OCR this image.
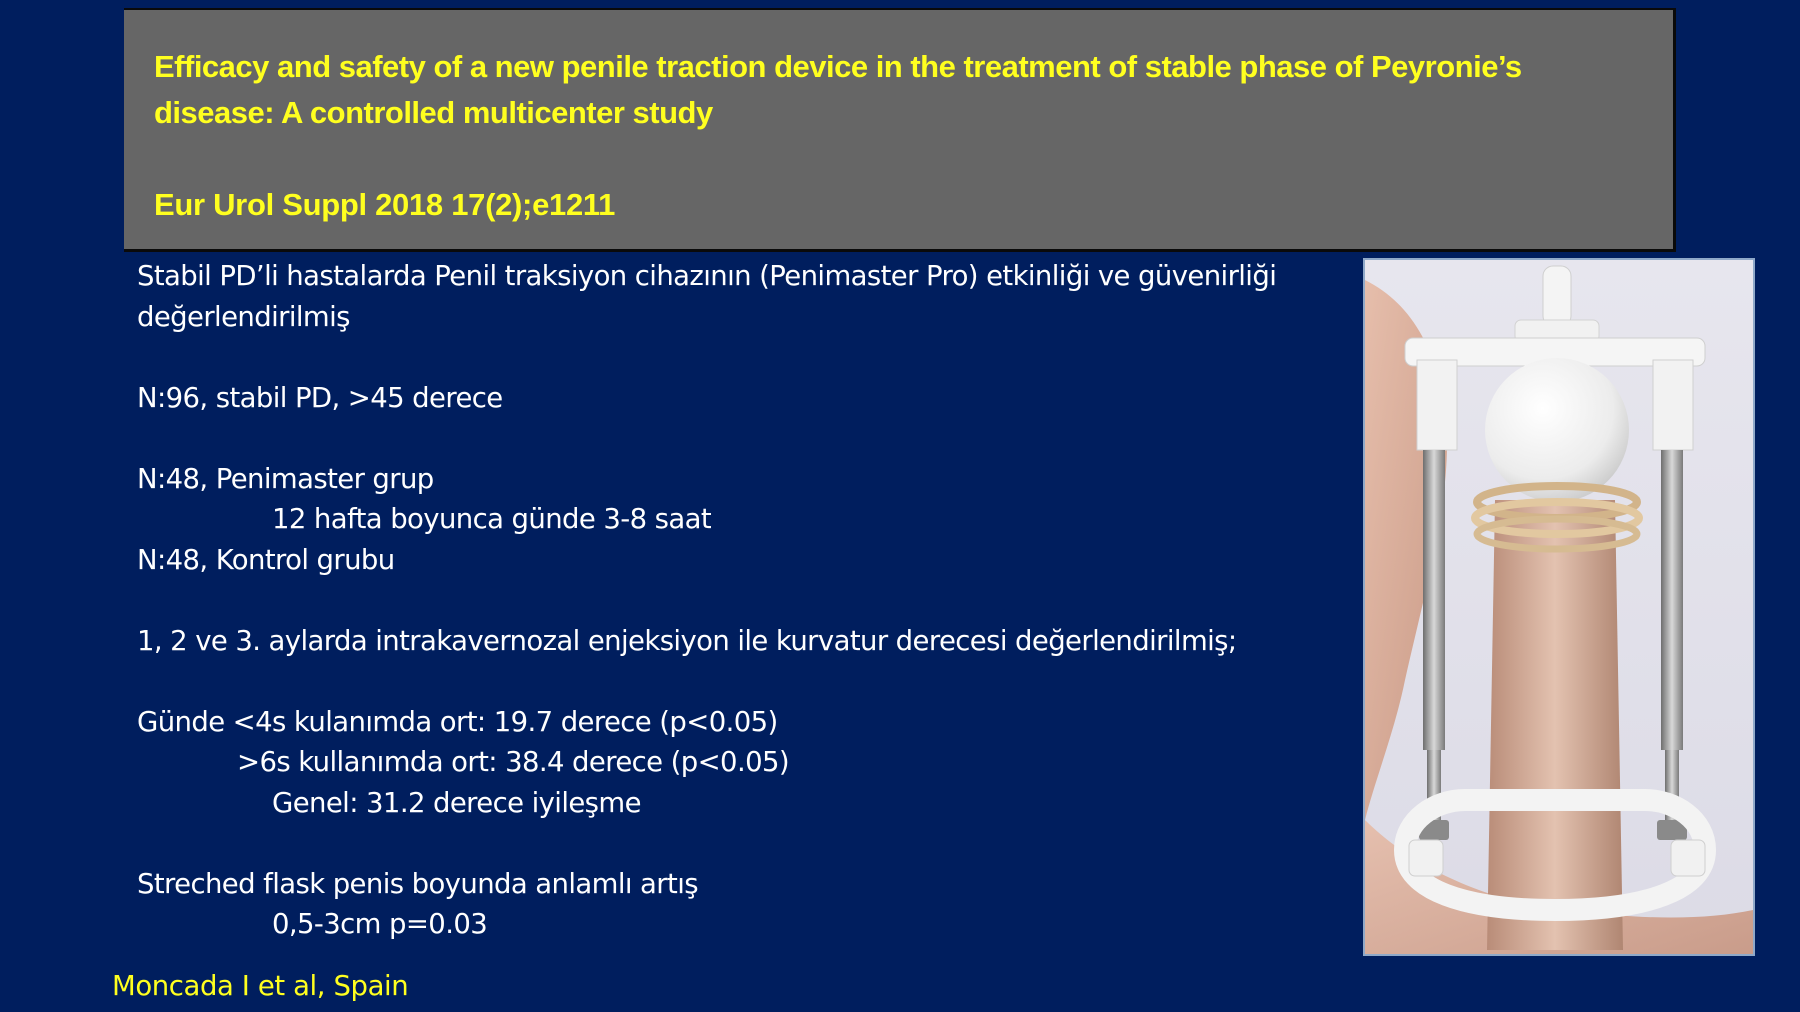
Efficacy and safety of a new penile traction device in the treatment of stable phase of Peyronie’s disease: A controlled multicenter study

Eur Urol Suppl 2018 17(2);e1211
Stabil PD’li hastalarda Penil traksiyon cihazının (Penimaster Pro) etkinliği ve güvenirliği
değerlendirilmiş
N:96, stabil PD, >45 derece
N:48, Penimaster grup
12 hafta boyunca günde 3-8 saat
N:48, Kontrol grubu
1, 2 ve 3. aylarda intrakavernozal enjeksiyon ile kurvatur derecesi değerlendirilmiş;
Günde <4s kulanımda ort: 19.7 derece (p<0.05)
>6s kullanımda ort: 38.4 derece (p<0.05)
Genel: 31.2 derece iyileşme
Streched flask penis boyunda anlamlı artış
0,5-3cm p=0.03
Moncada I et al, Spain
